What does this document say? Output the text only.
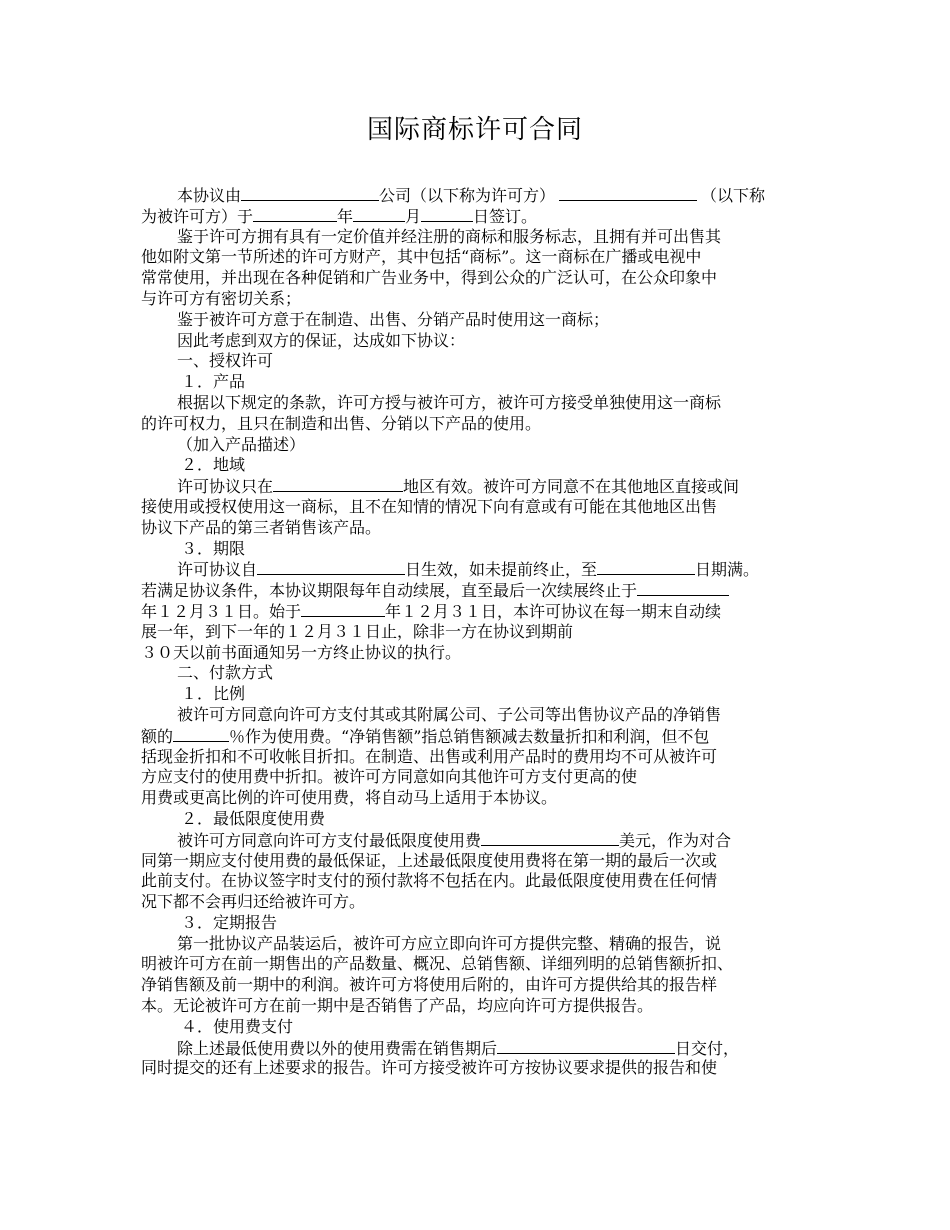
国际商标许可合同
本协议由	公司（以下称为许可方）	（以下称
为被许可方）于	年	月	日签订。
鉴于许可方拥有具有一定价值并经注册的商标和服务标志，且拥有并可出售其
他如附文第一节所述的许可方财产，其中包括“商标”。这一商标在广播或电视中
常常使用，并出现在各种促销和广告业务中，得到公众的广泛认可，在公众印象中
与许可方有密切关系；
鉴于被许可方意于在制造、出售、分销产品时使用这一商标；
因此考虑到双方的保证，达成如下协议：
一、授权许可
１．产品
根据以下规定的条款，许可方授与被许可方，被许可方接受单独使用这一商标
的许可权力，且只在制造和出售、分销以下产品的使用。
（加入产品描述）
２．地域
许可协议只在	地区有效。被许可方同意不在其他地区直接或间
接使用或授权使用这一商标，且不在知情的情况下向有意或有可能在其他地区出售
协议下产品的第三者销售该产品。
３．期限
许可协议自	日生效，如未提前终止，至	日期满。
若满足协议条件，本协议期限每年自动续展，直至最后一次续展终止于
年１２月３１日。始于	年１２月３１日，本许可协议在每一期末自动续
展一年，到下一年的１２月３１日止，除非一方在协议到期前
３０天以前书面通知另一方终止协议的执行。
二、付款方式
１．比例
被许可方同意向许可方支付其或其附属公司、子公司等出售协议产品的净销售
额的	％作为使用费。“净销售额”指总销售额减去数量折扣和利润，但不包
括现金折扣和不可收帐目折扣。在制造、出售或利用产品时的费用均不可从被许可
方应支付的使用费中折扣。被许可方同意如向其他许可方支付更高的使
用费或更高比例的许可使用费，将自动马上适用于本协议。
２．最低限度使用费
被许可方同意向许可方支付最低限度使用费	美元，作为对合
同第一期应支付使用费的最低保证，上述最低限度使用费将在第一期的最后一次或
此前支付。在协议签字时支付的预付款将不包括在内。此最低限度使用费在任何情
况下都不会再归还给被许可方。
３．定期报告
第一批协议产品装运后，被许可方应立即向许可方提供完整、精确的报告，说
明被许可方在前一期售出的产品数量、概况、总销售额、详细列明的总销售额折扣、
净销售额及前一期中的利润。被许可方将使用后附的，由许可方提供给其的报告样
本。无论被许可方在前一期中是否销售了产品，均应向许可方提供报告。
４．使用费支付
除上述最低使用费以外的使用费需在销售期后	日交付，
同时提交的还有上述要求的报告。许可方接受被许可方按协议要求提供的报告和使
